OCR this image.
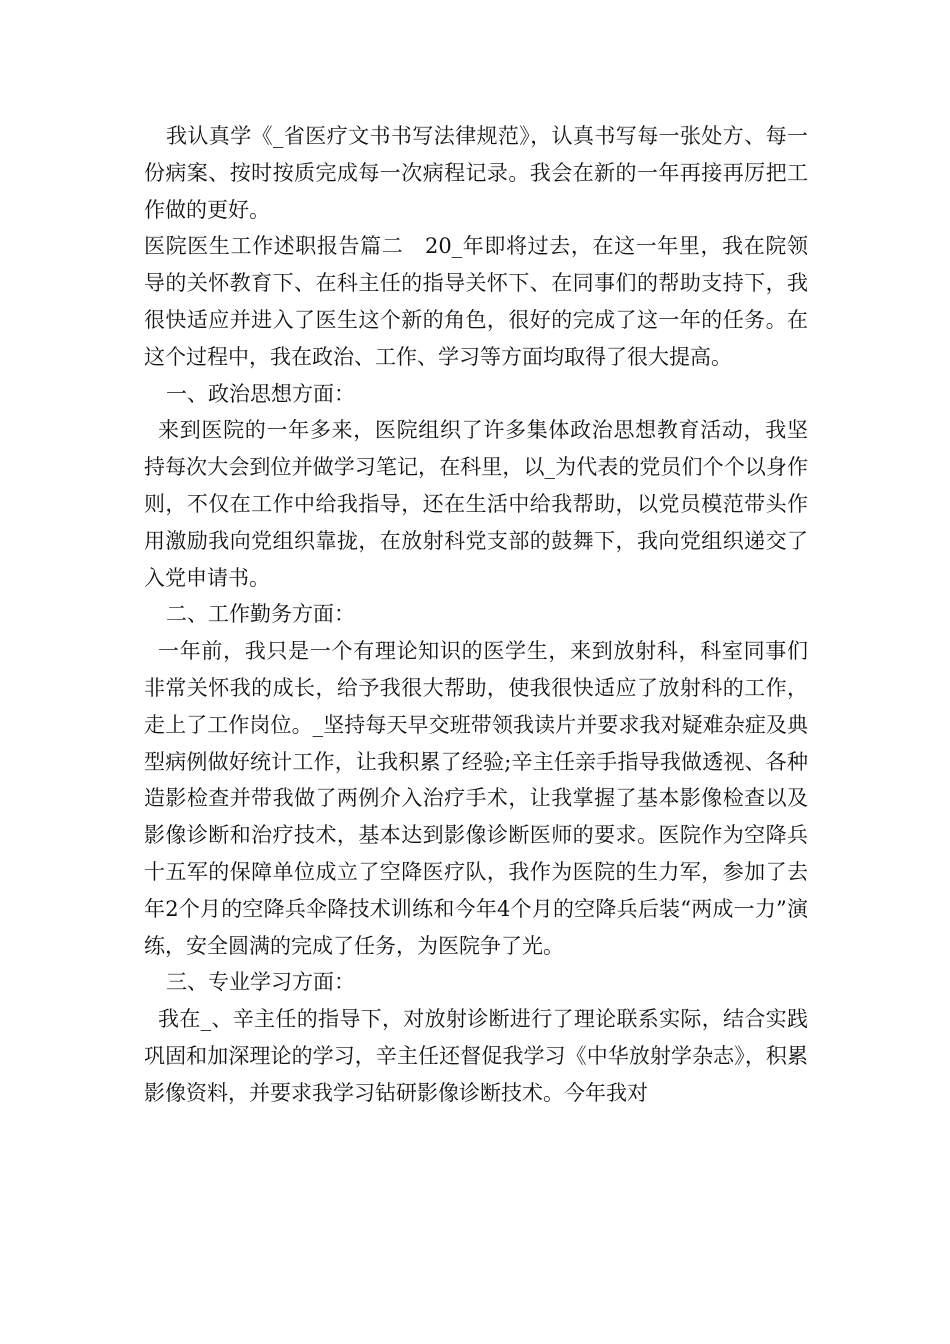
我认真学《_省医疗文书书写法律规范》，认真书写每一张处方、每一份病案、按时按质完成每一次病程记录。我会在新的一年再接再厉把工作做的更好。

医院医生工作述职报告篇二　20_年即将过去，在这一年里，我在院领导的关怀教育下、在科主任的指导关怀下、在同事们的帮助支持下，我很快适应并进入了医生这个新的角色，很好的完成了这一年的任务。在这个过程中，我在政治、工作、学习等方面均取得了很大提高。

一、政治思想方面：

来到医院的一年多来，医院组织了许多集体政治思想教育活动，我坚持每次大会到位并做学习笔记，在科里，以_为代表的党员们个个以身作则，不仅在工作中给我指导，还在生活中给我帮助，以党员模范带头作用激励我向党组织靠拢，在放射科党支部的鼓舞下，我向党组织递交了入党申请书。

二、工作勤务方面：

一年前，我只是一个有理论知识的医学生，来到放射科，科室同事们非常关怀我的成长，给予我很大帮助，使我很快适应了放射科的工作，走上了工作岗位。_坚持每天早交班带领我读片并要求我对疑难杂症及典型病例做好统计工作，让我积累了经验;辛主任亲手指导我做透视、各种造影检查并带我做了两例介入治疗手术，让我掌握了基本影像检查以及影像诊断和治疗技术，基本达到影像诊断医师的要求。医院作为空降兵十五军的保障单位成立了空降医疗队，我作为医院的生力军，参加了去年2个月的空降兵伞降技术训练和今年4个月的空降兵后装“两成一力”演练，安全圆满的完成了任务，为医院争了光。

三、专业学习方面：

我在_、辛主任的指导下，对放射诊断进行了理论联系实际，结合实践巩固和加深理论的学习，辛主任还督促我学习《中华放射学杂志》，积累影像资料，并要求我学习钻研影像诊断技术。今年我对
